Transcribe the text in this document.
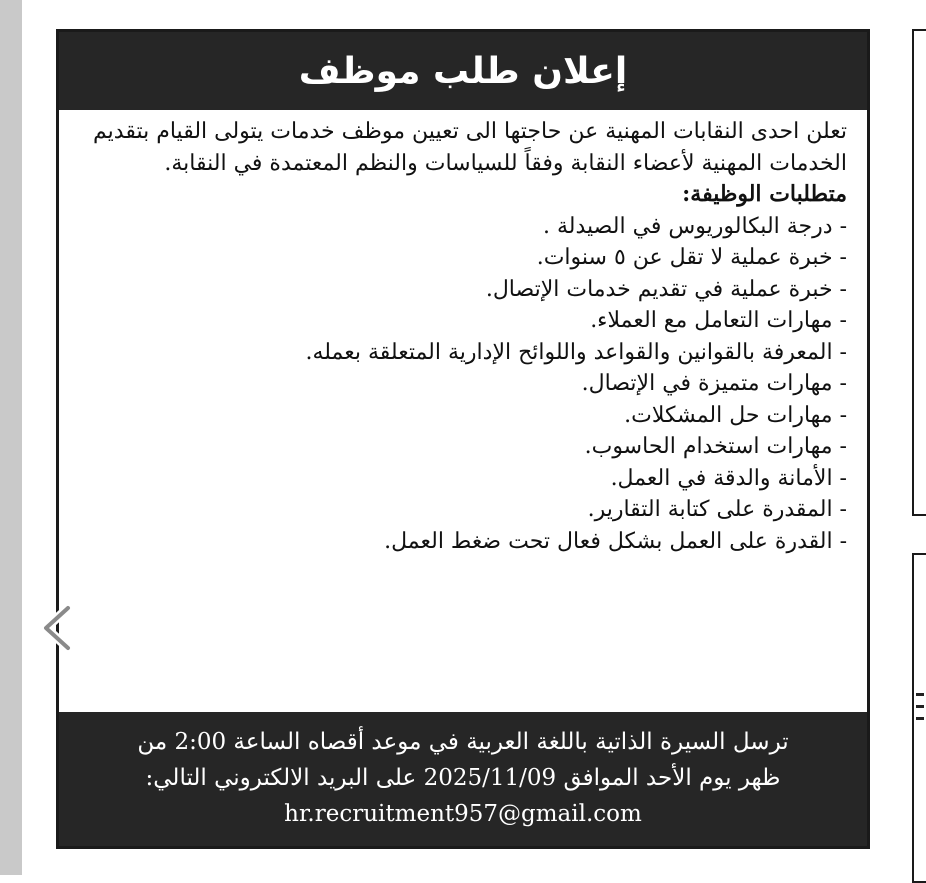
إعلان طلب موظف

تعلن احدى النقابات المهنية عن حاجتها الى تعيين موظف خدمات يتولى القيام بتقديم الخدمات المهنية لأعضاء النقابة وفقاً للسياسات والنظم المعتمدة في النقابة.

متطلبات الوظيفة:

- درجة البكالوريوس في الصيدلة .
- خبرة عملية لا تقل عن ٥ سنوات.
- خبرة عملية في تقديم خدمات الإتصال.
- مهارات التعامل مع العملاء.
- المعرفة بالقوانين والقواعد واللوائح الإدارية المتعلقة بعمله.
- مهارات متميزة في الإتصال.
- مهارات حل المشكلات.
- مهارات استخدام الحاسوب.
- الأمانة والدقة في العمل.
- المقدرة على كتابة التقارير.
- القدرة على العمل بشكل فعال تحت ضغط العمل.
ترسل السيرة الذاتية باللغة العربية في موعد أقصاه الساعة 2:00 من
ظهر يوم الأحد الموافق 2025/11/09 على البريد الالكتروني التالي:
hr.recruitment957@gmail.com
